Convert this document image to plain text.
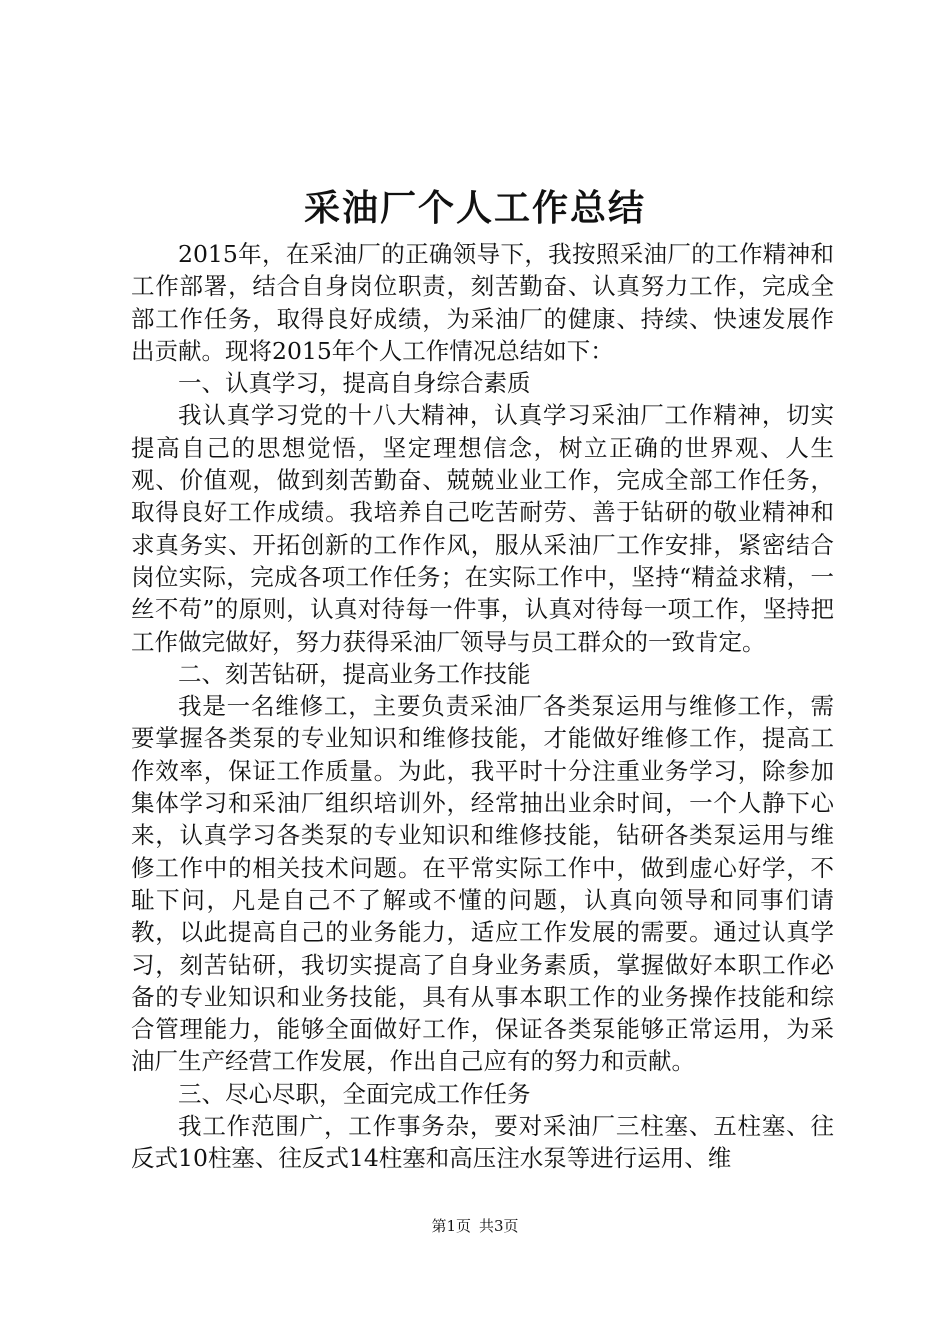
采油厂个人工作总结

2015年，在采油厂的正确领导下，我按照采油厂的工作精神和工作部署，结合自身岗位职责，刻苦勤奋、认真努力工作，完成全部工作任务，取得良好成绩，为采油厂的健康、持续、快速发展作出贡献。现将2015年个人工作情况总结如下：

一、认真学习，提高自身综合素质

我认真学习党的十八大精神，认真学习采油厂工作精神，切实提高自己的思想觉悟，坚定理想信念，树立正确的世界观、人生观、价值观，做到刻苦勤奋、兢兢业业工作，完成全部工作任务，取得良好工作成绩。我培养自己吃苦耐劳、善于钻研的敬业精神和求真务实、开拓创新的工作作风，服从采油厂工作安排，紧密结合岗位实际，完成各项工作任务；在实际工作中，坚持“精益求精，一丝不苟”的原则，认真对待每一件事，认真对待每一项工作，坚持把工作做完做好，努力获得采油厂领导与员工群众的一致肯定。

二、刻苦钻研，提高业务工作技能

我是一名维修工，主要负责采油厂各类泵运用与维修工作，需要掌握各类泵的专业知识和维修技能，才能做好维修工作，提高工作效率，保证工作质量。为此，我平时十分注重业务学习，除参加集体学习和采油厂组织培训外，经常抽出业余时间，一个人静下心来，认真学习各类泵的专业知识和维修技能，钻研各类泵运用与维修工作中的相关技术问题。在平常实际工作中，做到虚心好学，不耻下问，凡是自己不了解或不懂的问题，认真向领导和同事们请教，以此提高自己的业务能力，适应工作发展的需要。通过认真学习，刻苦钻研，我切实提高了自身业务素质，掌握做好本职工作必备的专业知识和业务技能，具有从事本职工作的业务操作技能和综合管理能力，能够全面做好工作，保证各类泵能够正常运用，为采油厂生产经营工作发展，作出自己应有的努力和贡献。

三、尽心尽职，全面完成工作任务

我工作范围广，工作事务杂，要对采油厂三柱塞、五柱塞、往反式10柱塞、往反式14柱塞和高压注水泵等进行运用、维

第1页 共3页
